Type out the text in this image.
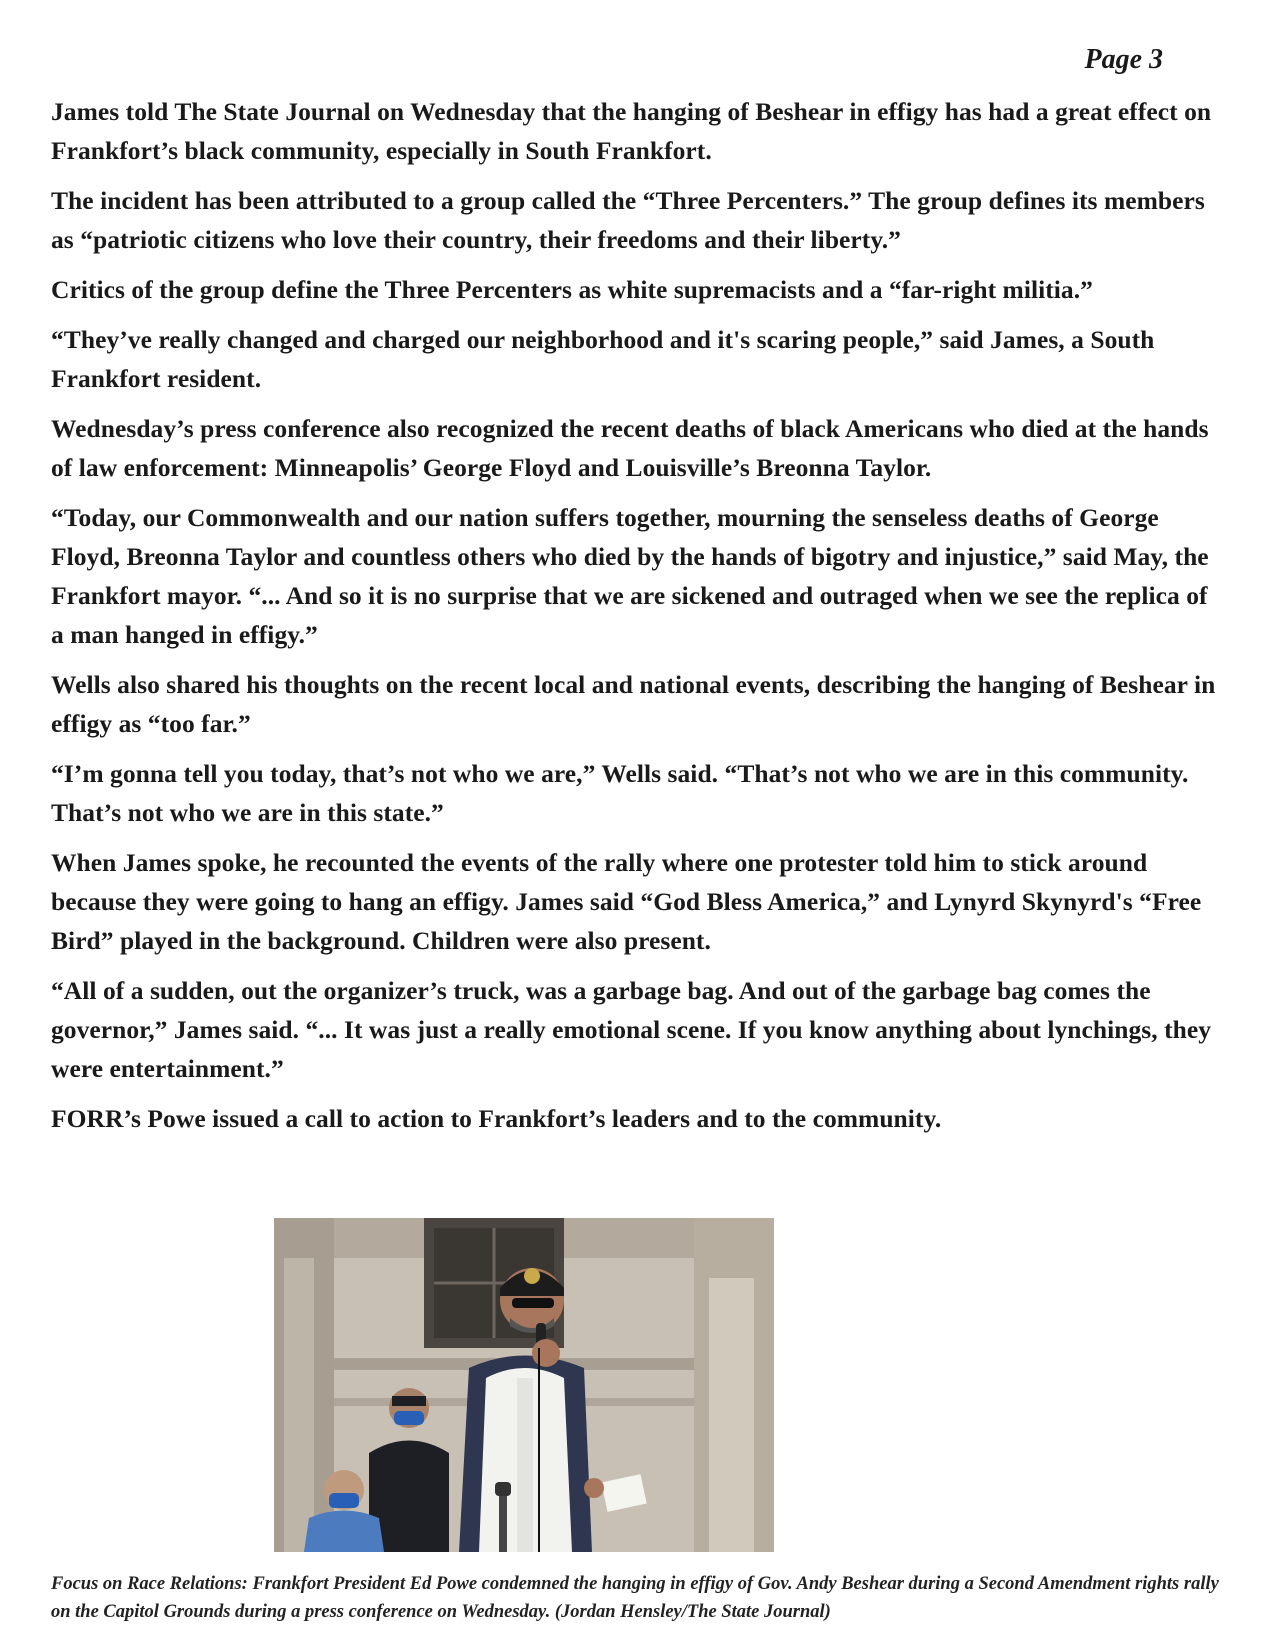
Page 3

James told The State Journal on Wednesday that the hanging of Beshear in effigy has had a great effect on Frankfort’s black community, especially in South Frankfort.

The incident has been attributed to a group called the “Three Percenters.” The group defines its members as “patriotic citizens who love their country, their freedoms and their liberty.”

Critics of the group define the Three Percenters as white supremacists and a “far-right militia.”

“They’ve really changed and charged our neighborhood and it's scaring people,” said James, a South Frankfort resident.

Wednesday’s press conference also recognized the recent deaths of black Americans who died at the hands of law enforcement: Minneapolis’ George Floyd and Louisville’s Breonna Taylor.

“Today, our Commonwealth and our nation suffers together, mourning the senseless deaths of George Floyd, Breonna Taylor and countless others who died by the hands of bigotry and injustice,” said May, the Frankfort mayor. “... And so it is no surprise that we are sickened and outraged when we see the replica of a man hanged in effigy.”

Wells also shared his thoughts on the recent local and national events, describing the hanging of Beshear in effigy as “too far.”

“I’m gonna tell you today, that’s not who we are,” Wells said. “That’s not who we are in this community. That’s not who we are in this state.”

When James spoke, he recounted the events of the rally where one protester told him to stick around because they were going to hang an effigy. James said “God Bless America,” and Lynyrd Skynyrd's “Free Bird” played in the background. Children were also present.

“All of a sudden, out the organizer’s truck, was a garbage bag. And out of the garbage bag comes the governor,” James said. “... It was just a really emotional scene. If you know anything about lynchings, they were entertainment.”

FORR’s Powe issued a call to action to Frankfort’s leaders and to the community.

Focus on Race Relations: Frankfort President Ed Powe condemned the hanging in effigy of Gov. Andy Beshear during a Second Amendment rights rally on the Capitol Grounds during a press conference on Wednesday. (Jordan Hensley/The State Journal)
